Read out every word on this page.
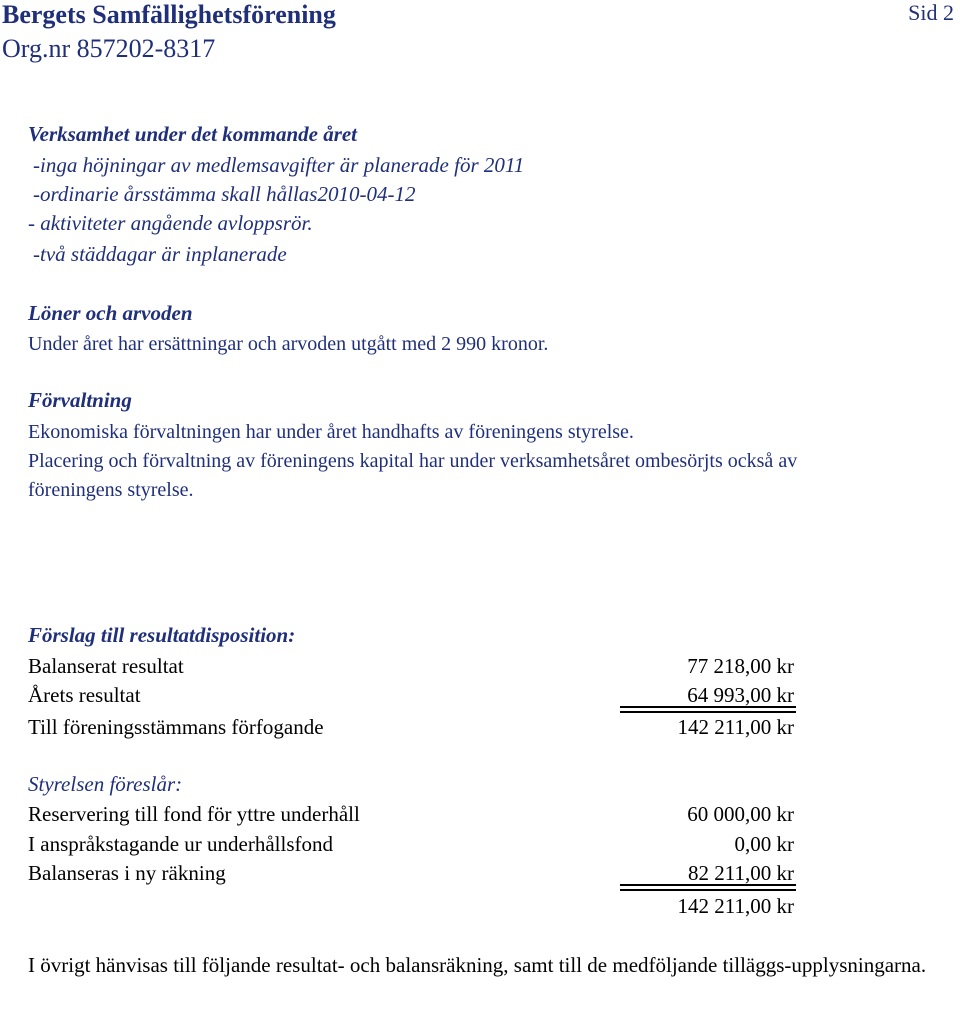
Bergets Samfällighetsförening
Org.nr 857202-8317
Sid 2
Verksamhet under det kommande året
-inga höjningar av medlemsavgifter är planerade för 2011
-ordinarie årsstämma skall hållas2010-04-12
- aktiviteter angående avloppsrör.
-två städdagar är inplanerade
Löner och arvoden
Under året har ersättningar och arvoden utgått med 2 990 kronor.
Förvaltning
Ekonomiska förvaltningen har under året handhafts av föreningens styrelse.
Placering och förvaltning av föreningens kapital har under verksamhetsåret ombesörjts också av
föreningens styrelse.
Förslag till resultatdisposition:
Balanserat resultat	77 218,00 kr
Årets resultat	64 993,00 kr
Till föreningsstämmans förfogande	142 211,00 kr
Styrelsen föreslår:
Reservering till fond för yttre underhåll	60 000,00 kr
I anspråkstagande ur underhållsfond	0,00 kr
Balanseras i ny räkning	82 211,00 kr
142 211,00 kr
I övrigt hänvisas till följande resultat- och balansräkning, samt till de medföljande tilläggs-upplysningarna.
